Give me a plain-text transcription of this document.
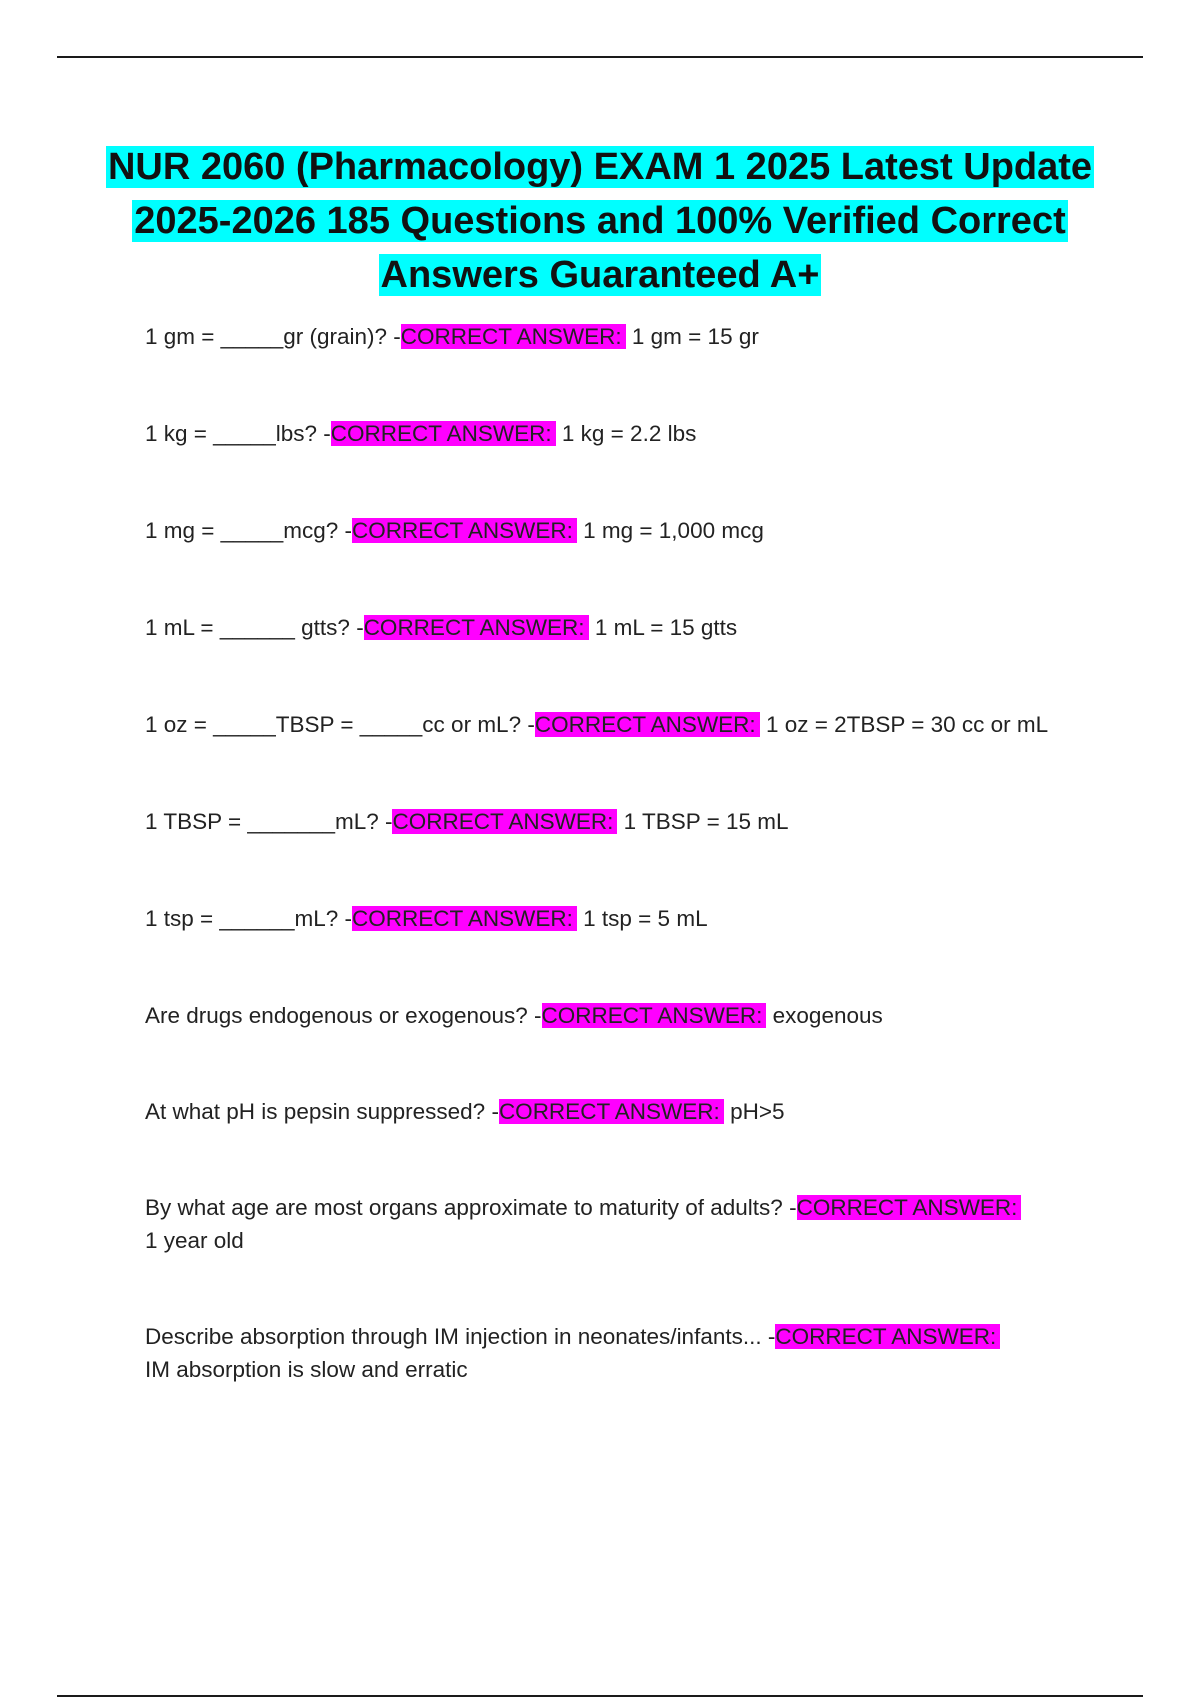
NUR 2060 (Pharmacology) EXAM 1 2025 Latest Update 2025-2026 185 Questions and 100% Verified Correct Answers Guaranteed A+
1 gm = _____gr (grain)? -CORRECT ANSWER: 1 gm = 15 gr
1 kg = _____lbs? -CORRECT ANSWER: 1 kg = 2.2 lbs
1 mg = _____mcg? -CORRECT ANSWER: 1 mg = 1,000 mcg
1 mL = ______ gtts? -CORRECT ANSWER: 1 mL = 15 gtts
1 oz = _____TBSP = _____cc or mL? -CORRECT ANSWER: 1 oz = 2TBSP = 30 cc or mL
1 TBSP = _______mL? -CORRECT ANSWER: 1 TBSP = 15 mL
1 tsp = ______mL? -CORRECT ANSWER: 1 tsp = 5 mL
Are drugs endogenous or exogenous? -CORRECT ANSWER: exogenous
At what pH is pepsin suppressed? -CORRECT ANSWER: pH>5
By what age are most organs approximate to maturity of adults? -CORRECT ANSWER:
1 year old
Describe absorption through IM injection in neonates/infants... -CORRECT ANSWER:
IM absorption is slow and erratic
